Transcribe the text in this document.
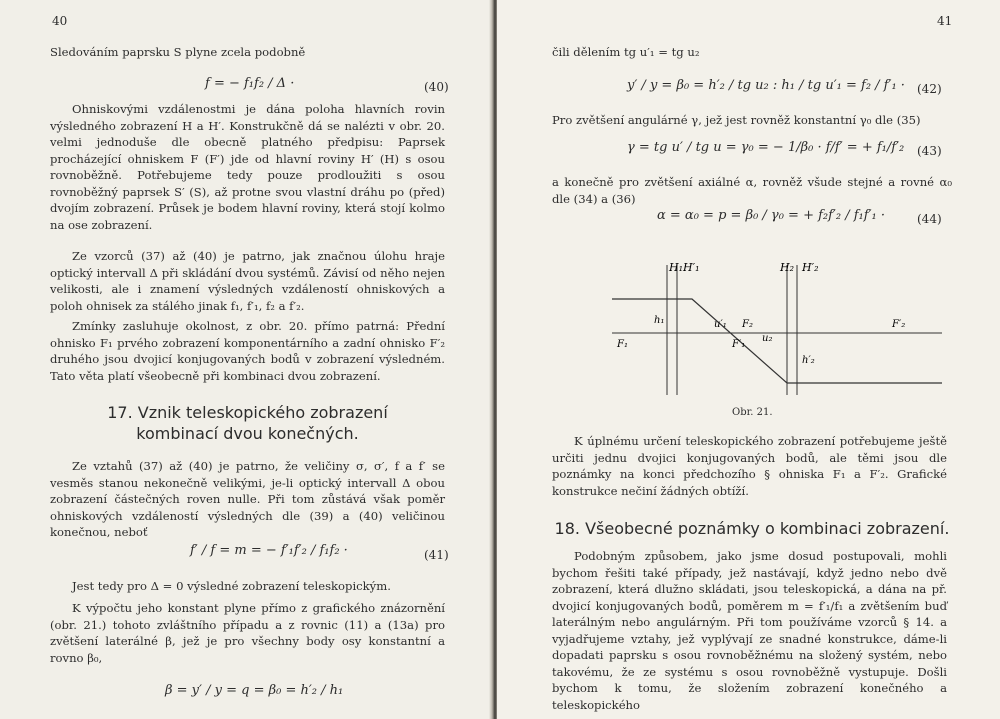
40

Sledováním paprsku S plyne zcela podobně

f = − f₁f₂ / Δ ·	(40)

Ohniskovými vzdálenostmi je dána poloha hlavních rovin výsledného zobrazení H a H′. Konstrukčně dá se nalézti v obr. 20. velmi jednoduše dle obecně platného předpisu: Paprsek procházející ohniskem F (F′) jde od hlavní roviny H′ (H) s osou rovnoběžně. Potřebujeme tedy pouze prodloužiti s osou rovnoběžný paprsek S′ (S), až protne svou vlastní dráhu po (před) dvojím zobrazení. Průsek je bodem hlavní roviny, která stojí kolmo na ose zobrazení.

Ze vzorců (37) až (40) je patrno, jak značnou úlohu hraje optický intervall Δ při skládání dvou systémů. Závisí od něho nejen velikosti, ale i znamení výsledných vzdáleností ohniskových a poloh ohnisek za stálého jinak f₁, f′₁, f₂ a f′₂.

Zmínky zasluhuje okolnost, z obr. 20. přímo patrná: Přední ohnisko F₁ prvého zobrazení komponentárního a zadní ohnisko F′₂ druhého jsou dvojicí konjugovaných bodů v zobrazení výsledném. Tato věta platí všeobecně při kombinaci dvou zobrazení.

17. Vznik teleskopického zobrazení kombinací dvou konečných.

Ze vztahů (37) až (40) je patrno, že veličiny σ, σ′, f a f′ se vesměs stanou nekonečně velikými, je-li optický intervall Δ obou zobrazení částečných roven nulle. Při tom zůstává však poměr ohniskových vzdáleností výsledných dle (39) a (40) veličinou konečnou, neboť

f′ / f = m = − f′₁f′₂ / f₁f₂ ·	(41)

Jest tedy pro Δ = 0 výsledné zobrazení teleskopickým.

K výpočtu jeho konstant plyne přímo z grafického znázornění (obr. 21.) tohoto zvláštního případu a z rovnic (11) a (13a) pro zvětšení laterálné β, jež je pro všechny body osy konstantní a rovno β₀,

β = y′ / y = q = β₀ = h′₂ / h₁
41

čili dělením tg u′₁ = tg u₂

y′ / y = β₀ = h′₂ / tg u₂ : h₁ / tg u′₁ = f₂ / f′₁ · (42)

Pro zvětšení angulárné γ, jež jest rovněž konstantní γ₀ dle (35)

γ = tg u′ / tg u = γ₀ = − 1/β₀ · f/f′ = + f₁/f′₂ (43)

a konečně pro zvětšení axiálné α, rovněž všude stejné a rovné α₀ dle (34) a (36)

α = α₀ = p = β₀ / γ₀ = + f₂f′₂ / f₁f′₁ ·	(44)
H₁H′₁	H₂ H′₂
h₁	u′₁ F₂
F′₁
u₂
F₁
F′₂
h′₂
Obr. 21.

K úplnému určení teleskopického zobrazení potřebujeme ještě určiti jednu dvojici konjugovaných bodů, ale těmi jsou dle poznámky na konci předchozího § ohniska F₁ a F′₂. Grafické konstrukce nečiní žádných obtíží.

18. Všeobecné poznámky o kombinaci zobrazení.

Podobným způsobem, jako jsme dosud postupovali, mohli bychom řešiti také případy, jež nastávají, když jedno nebo dvě zobrazení, která dlužno skládati, jsou teleskopická, a dána na př. dvojicí konjugovaných bodů, poměrem m = f′₁/f₁ a zvětšením buď laterálným nebo angulárným. Při tom používáme vzorců § 14. a vyjadřujeme vztahy, jež vyplývají ze snadné konstrukce, dáme-li dopadati paprsku s osou rovnoběžnému na složený systém, nebo takovému, že ze systému s osou rovnoběžně vystupuje. Došli bychom k tomu, že složením zobrazení konečného a teleskopického
